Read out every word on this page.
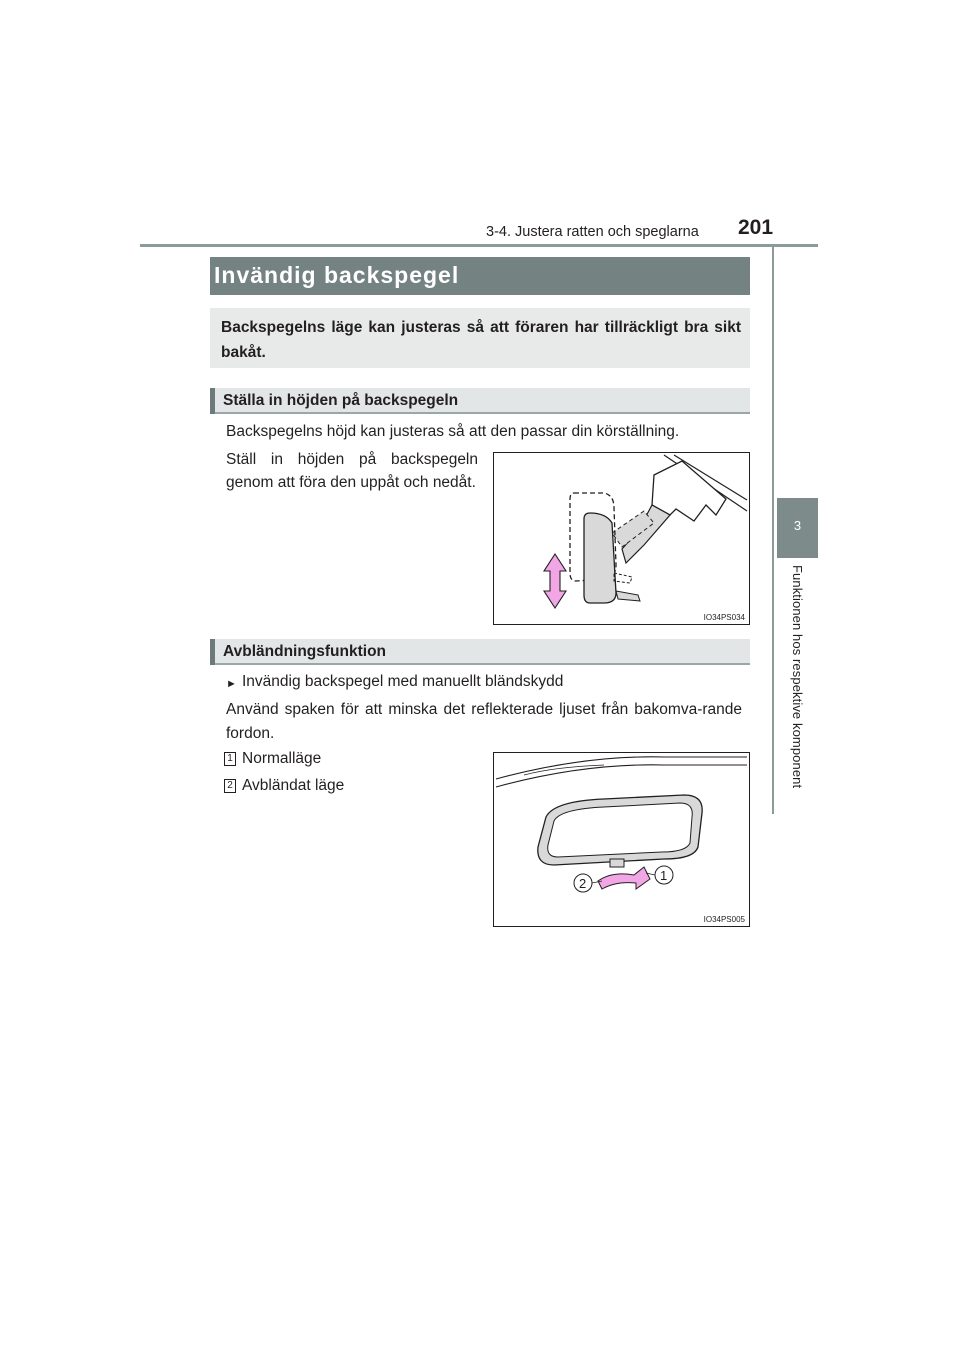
3-4. Justera ratten och speglarna 201
3
Funktionen hos respektive komponent
Invändig backspegel
Backspegelns läge kan justeras så att föraren har tillräckligt bra sikt bakåt.
Ställa in höjden på backspegeln
Backspegelns höjd kan justeras så att den passar din körställning.
Ställ in höjden på backspegeln genom att föra den uppåt och nedåt.
IO34PS034
Avbländningsfunktion
► Invändig backspegel med manuellt bländskydd
Använd spaken för att minska det reflekterade ljuset från bakomva-rande fordon.
1 Normalläge
2 Avbländat läge
2
1
IO34PS005
